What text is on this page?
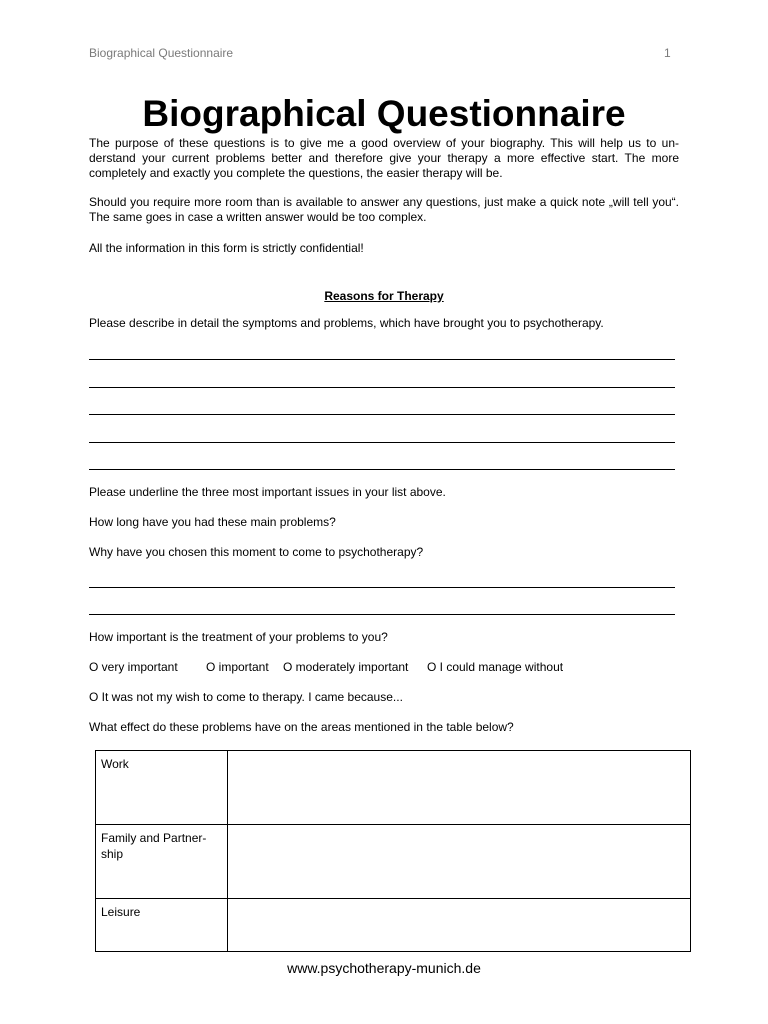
Biographical Questionnaire	1
Biographical Questionnaire

The purpose of these questions is to give me a good overview of your biography. This will help us to understand your current problems better and therefore give your therapy a more effective start. The more completely and exactly you complete the questions, the easier therapy will be.

Should you require more room than is available to answer any questions, just make a quick note „will tell you“. The same goes in case a written answer would be too complex.

All the information in this form is strictly confidential!

Reasons for Therapy
Please describe in detail the symptoms and problems, which have brought you to psychotherapy.
Please underline the three most important issues in your list above.
How long have you had these main problems?
Why have you chosen this moment to come to psychotherapy?
How important is the treatment of your problems to you?
O very important O important O moderately important O I could manage without
O It was not my wish to come to therapy. I came because...
What effect do these problems have on the areas mentioned in the table below?
Work	
Family and Partnership	
Leisure	
www.psychotherapy-munich.de
